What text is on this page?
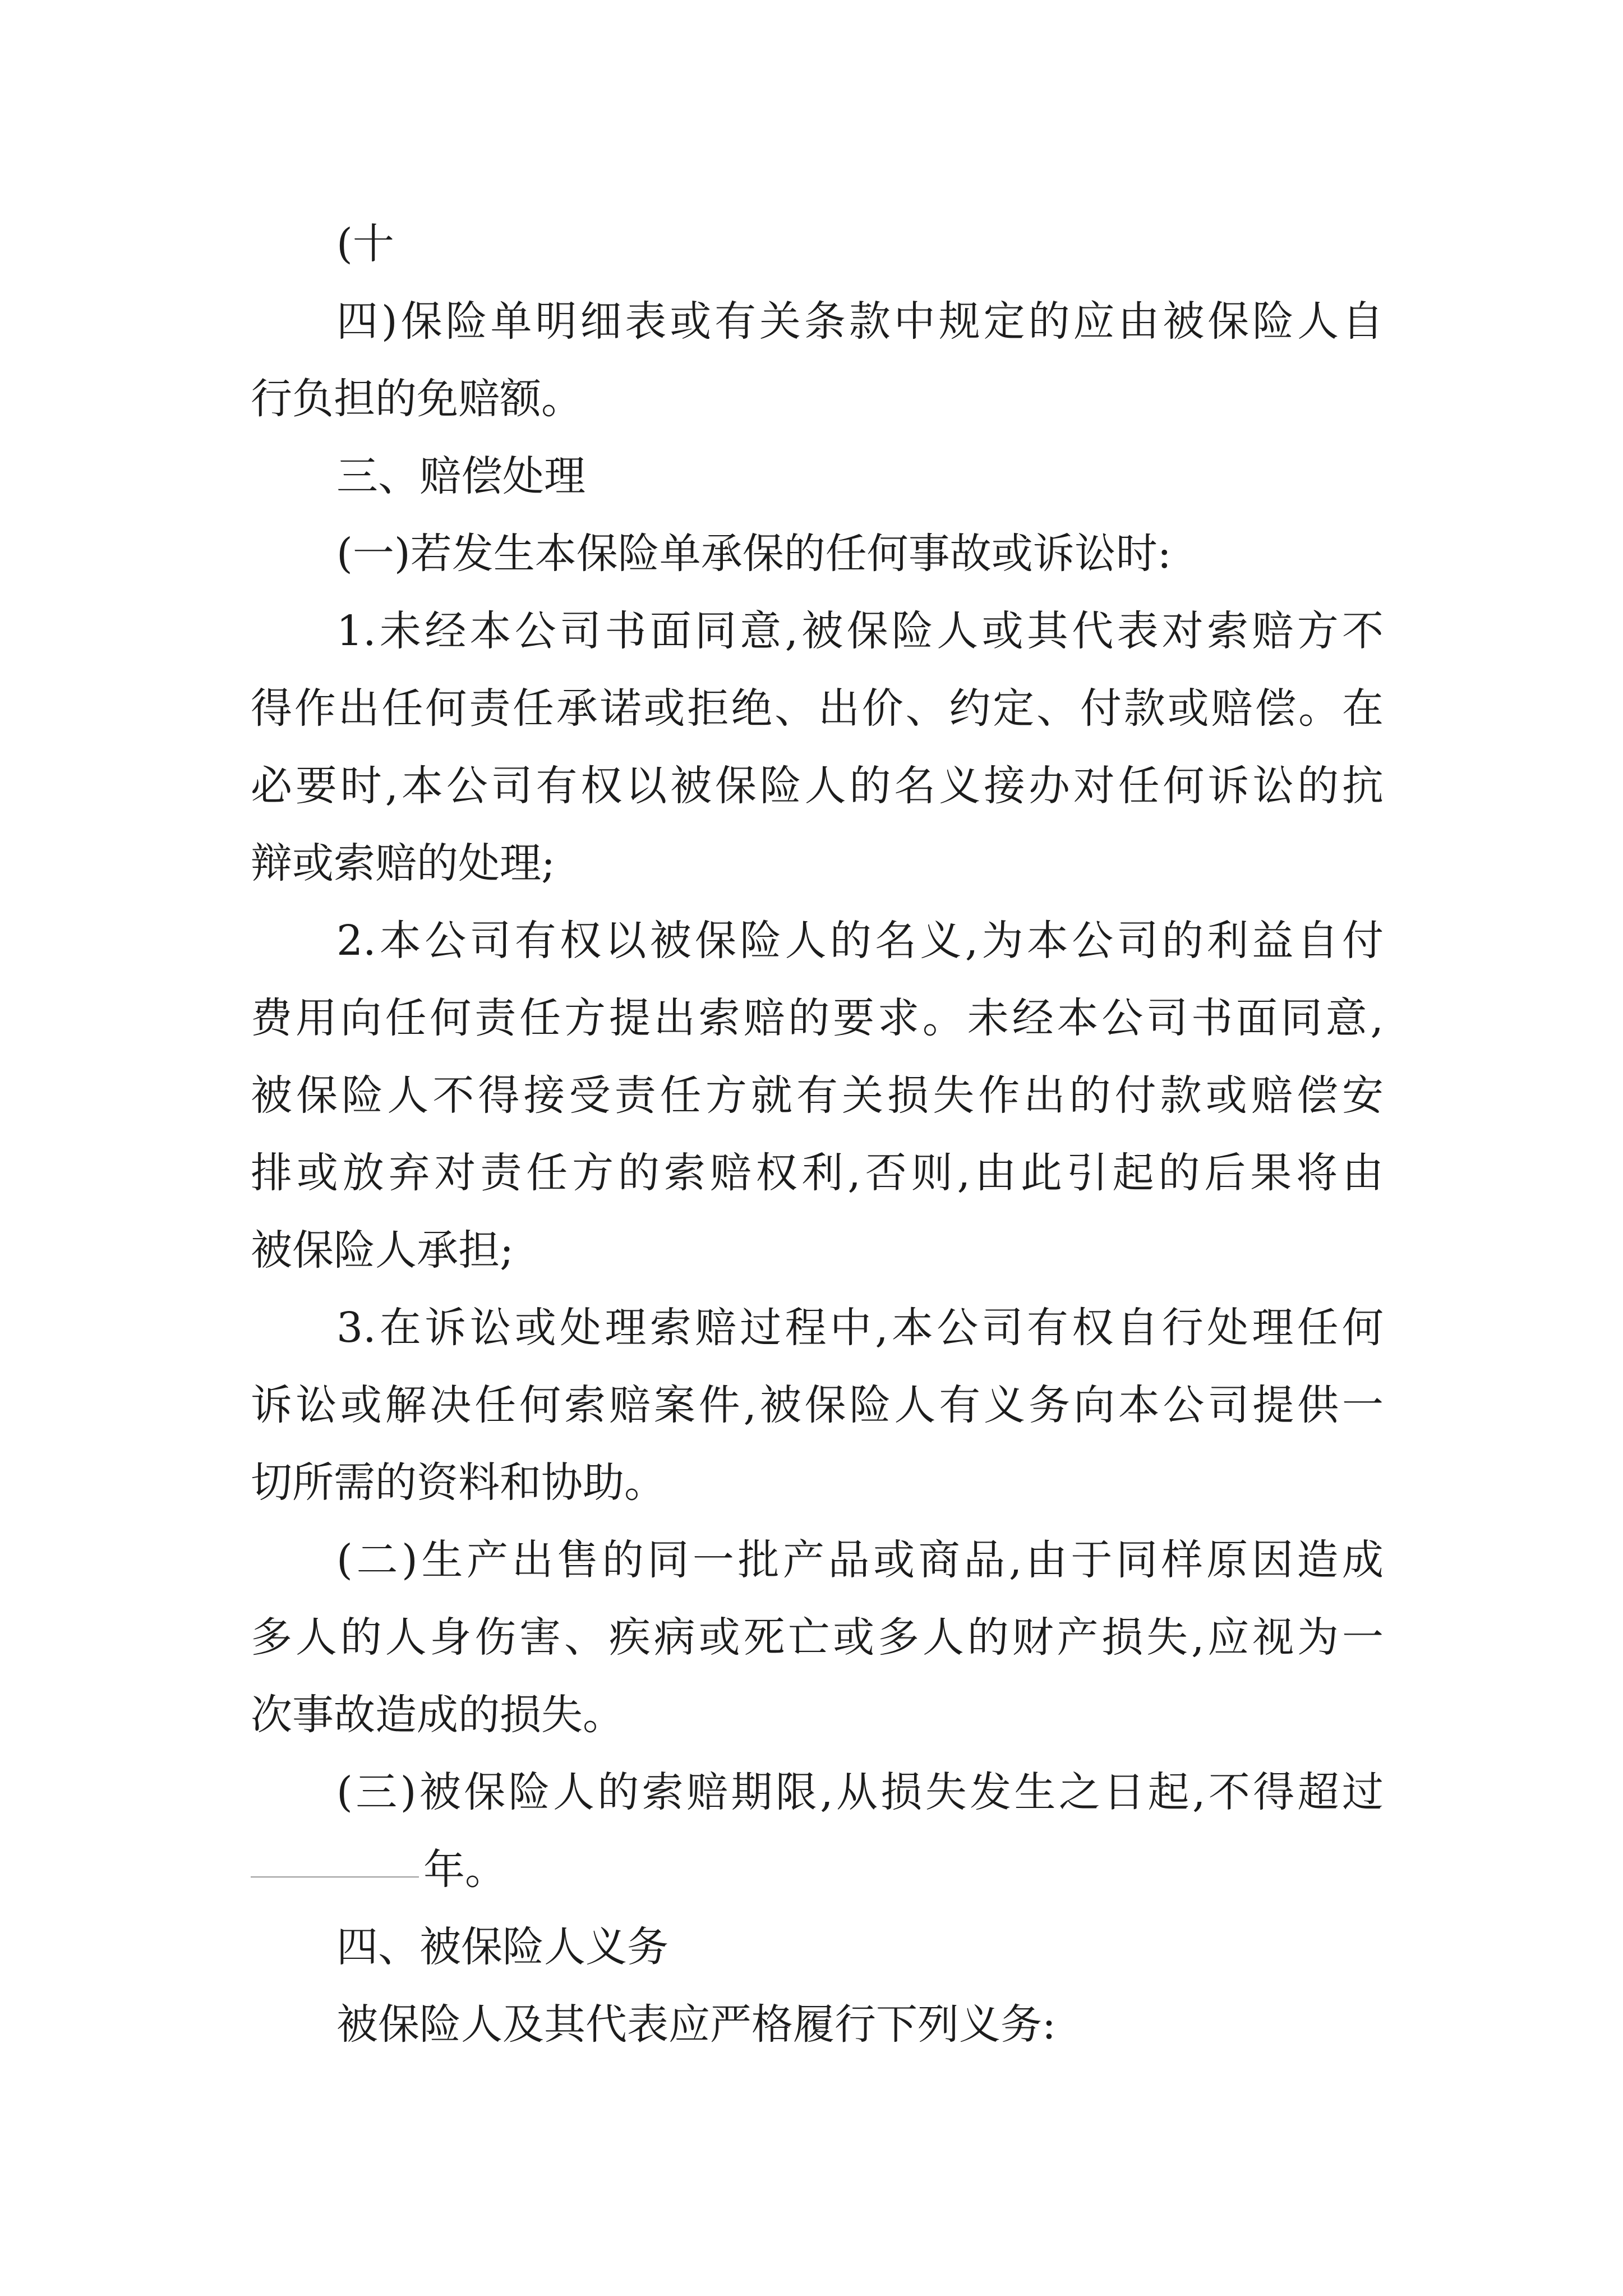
(十
四)保险单明细表或有关条款中规定的应由被保险人自
行负担的免赔额。
三、赔偿处理
(一)若发生本保险单承保的任何事故或诉讼时:
1.未经本公司书面同意,被保险人或其代表对索赔方不
得作出任何责任承诺或拒绝、出价、约定、付款或赔偿。在
必要时,本公司有权以被保险人的名义接办对任何诉讼的抗
辩或索赔的处理;
2.本公司有权以被保险人的名义,为本公司的利益自付
费用向任何责任方提出索赔的要求。未经本公司书面同意,
被保险人不得接受责任方就有关损失作出的付款或赔偿安
排或放弃对责任方的索赔权利,否则,由此引起的后果将由
被保险人承担;
3.在诉讼或处理索赔过程中,本公司有权自行处理任何
诉讼或解决任何索赔案件,被保险人有义务向本公司提供一
切所需的资料和协助。
(二)生产出售的同一批产品或商品,由于同样原因造成
多人的人身伤害、疾病或死亡或多人的财产损失,应视为一
次事故造成的损失。
(三)被保险人的索赔期限,从损失发生之日起,不得超过
年。
四、被保险人义务
被保险人及其代表应严格履行下列义务:
